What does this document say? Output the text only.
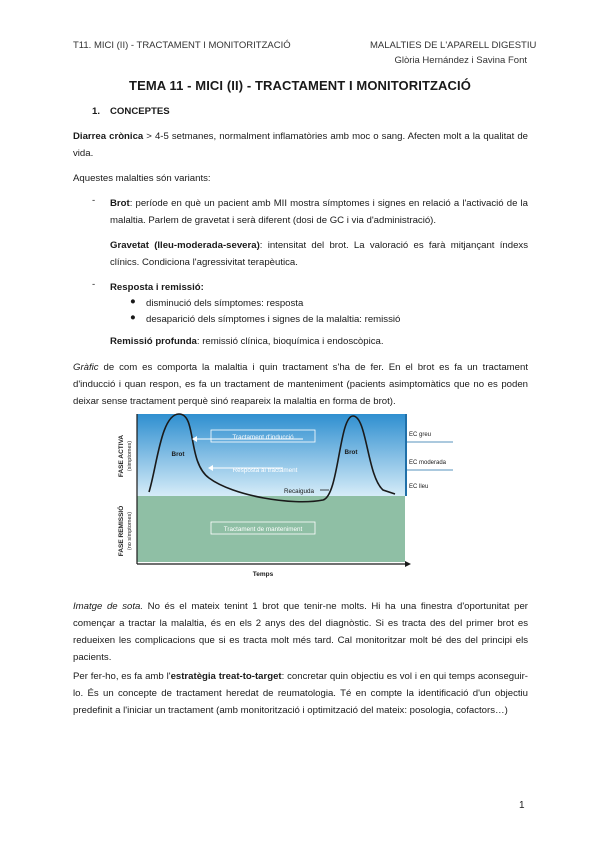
T11. MICI (II) - TRACTAMENT I MONITORITZACIÓ	MALALTIES DE L'APARELL DIGESTIU
Glòria Hernández i Savina Font
TEMA 11 - MICI (II) - TRACTAMENT I MONITORITZACIÓ
1. CONCEPTES
Diarrea crònica > 4-5 setmanes, normalment inflamatòries amb moc o sang. Afecten molt a la qualitat de vida.
Aquestes malalties són variants:
- Brot: període en què un pacient amb MII mostra símptomes i signes en relació a l'activació de la malaltia. Parlem de gravetat i serà diferent (dosi de GC i via d'administració).
Gravetat (lleu-moderada-severa): intensitat del brot. La valoració es farà mitjançant índexs clínics. Condiciona l'agressivitat terapèutica.
- Resposta i remissió:
● disminució dels símptomes: resposta
● desaparició dels símptomes i signes de la malaltia: remissió
Remissió profunda: remissió clínica, bioquímica i endoscòpica.
Gràfic de com es comporta la malaltia i quin tractament s'ha de fer. En el brot es fa un tractament d'inducció i quan respon, es fa un tractament de manteniment (pacients asimptomàtics que no es poden deixar sense tractament perquè sinó reapareix la malaltia en forma de brot).
FASE ACTIVA (simptomes)
FASE REMISSIÓ (no símptomes)
EC greu
EC moderada
EC lleu
Tractament d'inducció
Resposta al tractament
Brot	Brot
Recaiguda
Tractament de manteniment
Temps
Imatge de sota. No és el mateix tenint 1 brot que tenir-ne molts. Hi ha una finestra d'oportunitat per començar a tractar la malaltia, és en els 2 anys des del diagnòstic. Si es tracta des del primer brot es redueixen les complicacions que si es tracta molt més tard. Cal monitoritzar molt bé des del principi els pacients.
Per fer-ho, es fa amb l'estratègia treat-to-target: concretar quin objectiu es vol i en qui temps aconseguir-lo. És un concepte de tractament heredat de reumatologia. Té en compte la identificació d'un objectiu predefinit a l'iniciar un tractament (amb monitorització i optimització del mateix: posologia, cofactors…)
1
